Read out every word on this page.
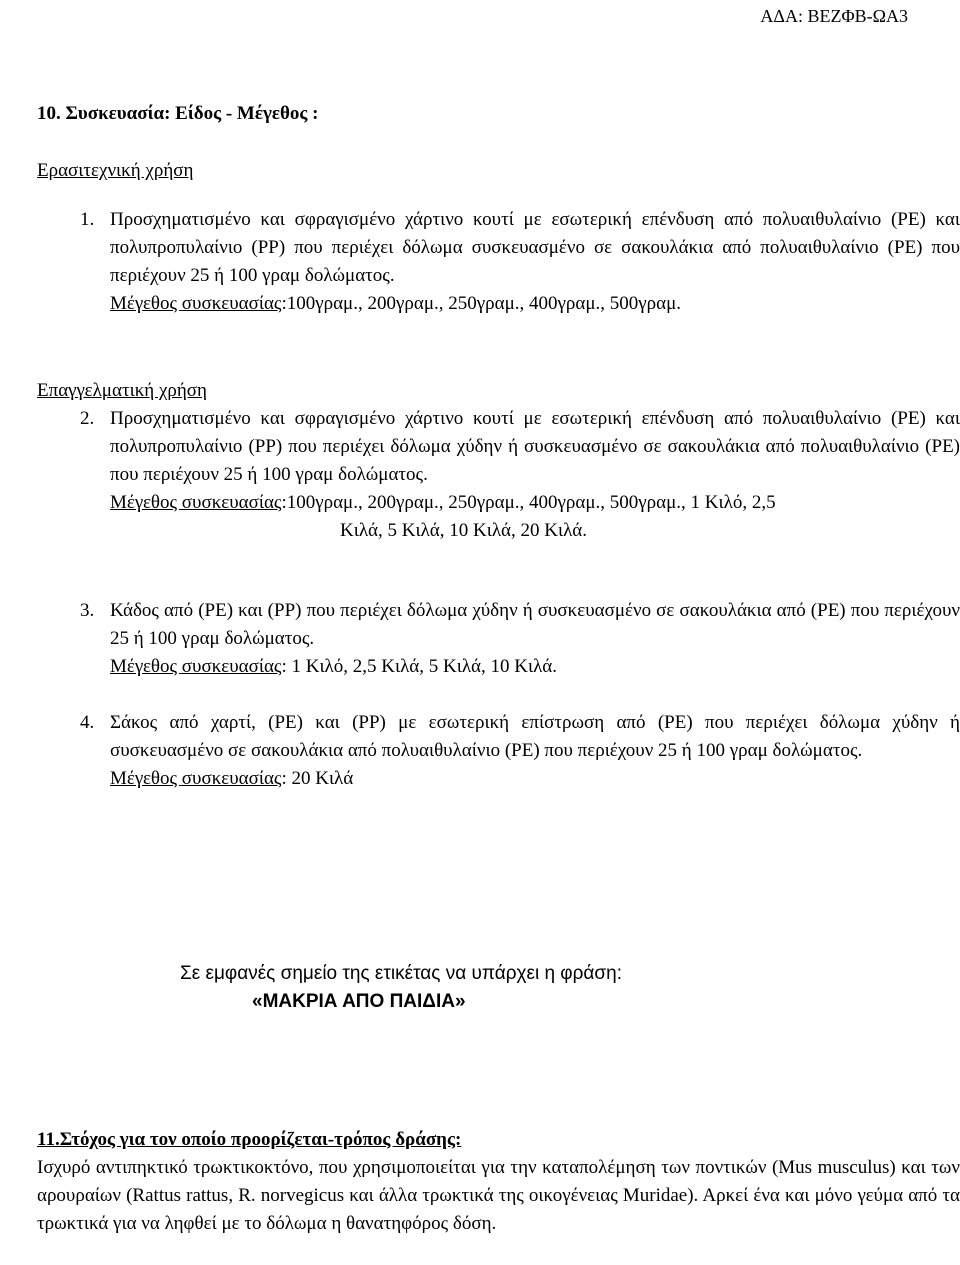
ΑΔΑ: ΒΕΖΦΒ-ΩΑ3
10. Συσκευασία: Είδος - Μέγεθος :
Ερασιτεχνική χρήση
1. Προσχηματισμένο και σφραγισμένο χάρτινο κουτί με εσωτερική επένδυση από πολυαιθυλαίνιο (PE) και πολυπροπυλαίνιο (PP) που περιέχει δόλωμα συσκευασμένο σε σακουλάκια από πολυαιθυλαίνιο (PE) που περιέχουν 25 ή 100 γραμ δολώματος.
Μέγεθος συσκευασίας:100γραμ., 200γραμ., 250γραμ., 400γραμ., 500γραμ.
Επαγγελματική χρήση
2. Προσχηματισμένο και σφραγισμένο χάρτινο κουτί με εσωτερική επένδυση από πολυαιθυλαίνιο (PE) και πολυπροπυλαίνιο (PP) που περιέχει δόλωμα χύδην ή συσκευασμένο σε σακουλάκια από πολυαιθυλαίνιο (PE) που περιέχουν 25 ή 100 γραμ δολώματος.
Μέγεθος συσκευασίας:100γραμ., 200γραμ., 250γραμ., 400γραμ., 500γραμ., 1 Κιλό, 2,5
Κιλά, 5 Κιλά, 10 Κιλά, 20 Κιλά.
3. Κάδος από (PE) και (PP) που περιέχει δόλωμα χύδην ή συσκευασμένο σε σακουλάκια από (PE) που περιέχουν 25 ή 100 γραμ δολώματος.
Μέγεθος συσκευασίας: 1 Κιλό, 2,5 Κιλά, 5 Κιλά, 10 Κιλά.
4. Σάκος από χαρτί, (PE) και (PP) με εσωτερική επίστρωση από (PE) που περιέχει δόλωμα χύδην ή συσκευασμένο σε σακουλάκια από πολυαιθυλαίνιο (PE) που περιέχουν 25 ή 100 γραμ δολώματος.
Μέγεθος συσκευασίας: 20 Κιλά
Σε εμφανές σημείο της ετικέτας να υπάρχει η φράση:
«ΜΑΚΡΙΑ ΑΠΟ ΠΑΙΔΙΑ»
11.Στόχος για τον οποίο προορίζεται-τρόπος δράσης:
Ισχυρό αντιπηκτικό τρωκτικοκτόνο, που χρησιμοποιείται για την καταπολέμηση των ποντικών (Mus musculus) και των αρουραίων (Rattus rattus, R. norvegicus και άλλα τρωκτικά της οικογένειας Muridae). Αρκεί ένα και μόνο γεύμα από τα τρωκτικά για να ληφθεί με το δόλωμα η θανατηφόρος δόση.
